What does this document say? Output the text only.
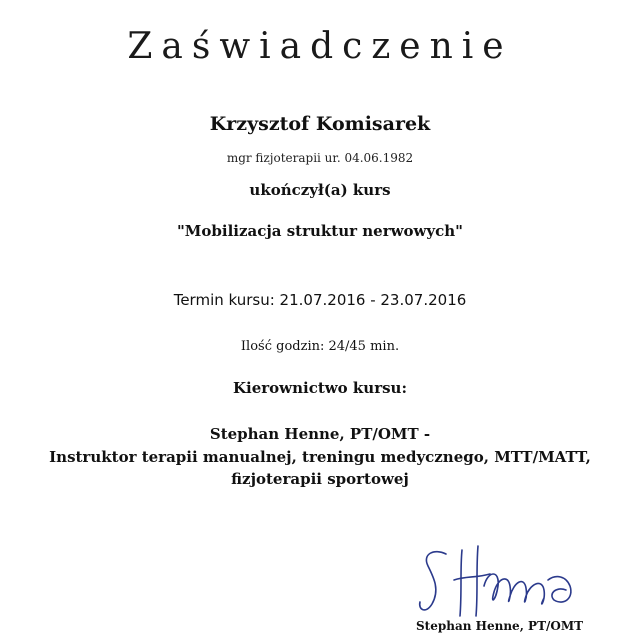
Zaświadczenie
Krzysztof Komisarek
mgr fizjoterapii ur. 04.06.1982
ukończył(a) kurs
"Mobilizacja struktur nerwowych"
Termin kursu: 21.07.2016 - 23.07.2016
Ilość godzin: 24/45 min.
Kierownictwo kursu:
Stephan Henne, PT/OMT -
Instruktor terapii manualnej, treningu medycznego, MTT/MATT,
fizjoterapii sportowej
Stephan Henne, PT/OMT
